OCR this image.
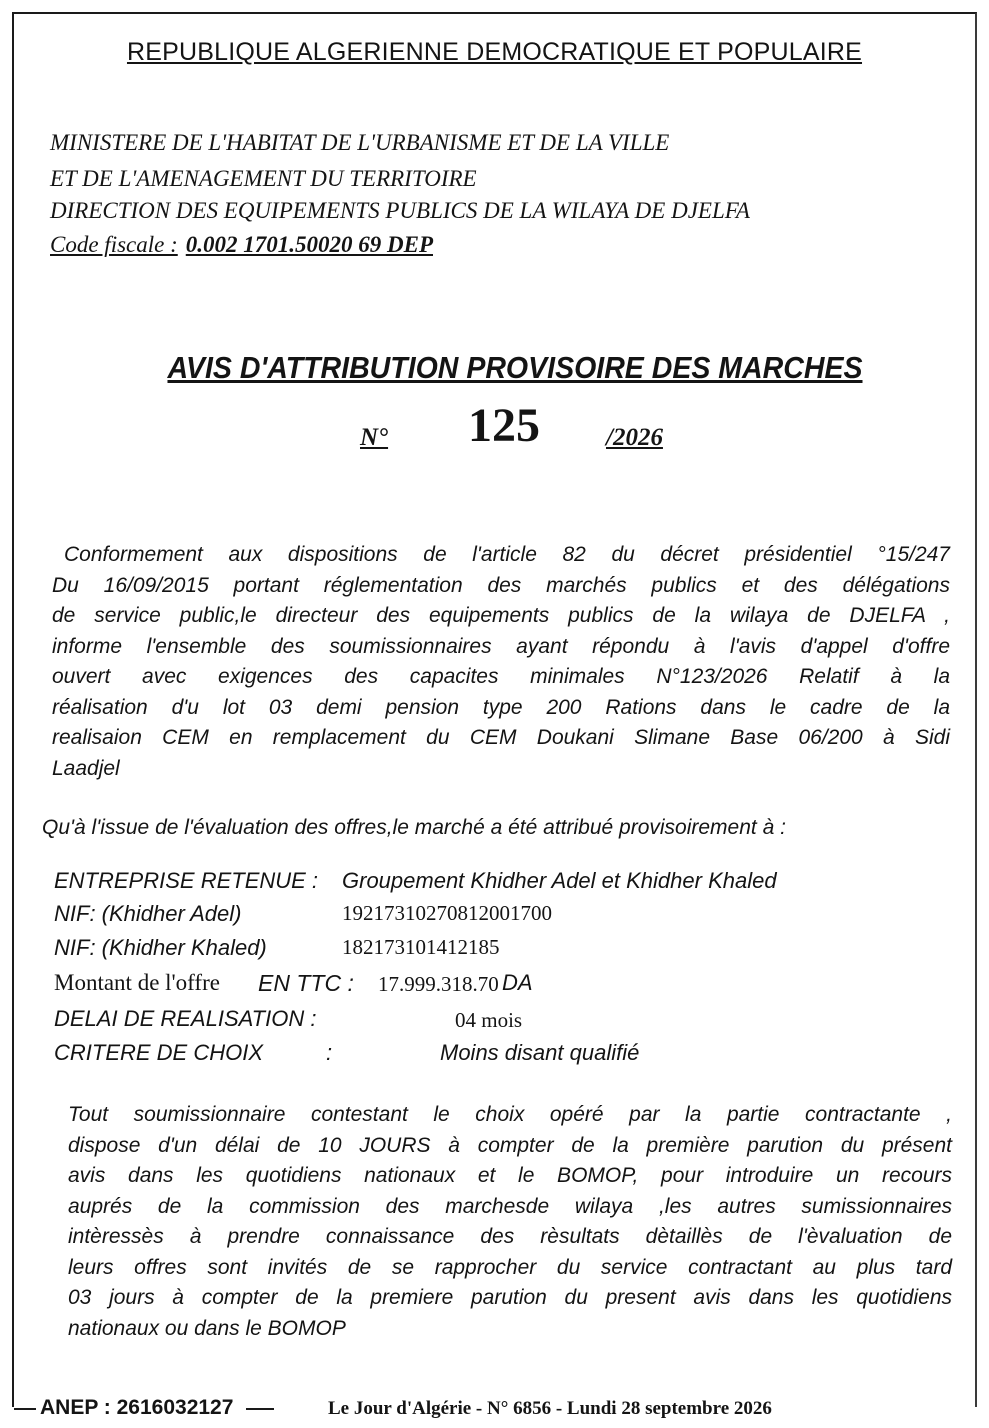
REPUBLIQUE ALGERIENNE DEMOCRATIQUE ET POPULAIRE
MINISTERE DE L'HABITAT DE L'URBANISME ET DE LA VILLE
ET DE L'AMENAGEMENT DU TERRITOIRE
DIRECTION DES EQUIPEMENTS PUBLICS DE LA WILAYA DE DJELFA
Code fiscale : 0.002 1701.50020 69 DEP
AVIS D'ATTRIBUTION PROVISOIRE DES MARCHES
N° 125	/2026
Conformement aux dispositions de l'article 82 du décret présidentiel °15/247
Du 16/09/2015 portant réglementation des marchés publics et des délégations
de service public,le directeur des equipements publics de la wilaya de DJELFA ,
informe l'ensemble des soumissionnaires ayant répondu à l'avis d'appel d'offre
ouvert avec exigences des capacites minimales N°123/2026 Relatif à la
réalisation d'u lot 03 demi pension type 200 Rations dans le cadre de la
realisaion CEM en remplacement du CEM Doukani Slimane Base 06/200 à Sidi
Laadjel
Qu'à l'issue de l'évaluation des offres,le marché a été attribué provisoirement à :
ENTREPRISE RETENUE : Groupement Khidher Adel et Khidher Khaled
NIF: (Khidher Adel)	192173102708120017​00
NIF: (Khidher Khaled)	182173101412185
Montant de l'offre EN TTC : 17.999.318.70 DA
DELAI DE REALISATION :	04 mois
CRITERE DE CHOIX	:	Moins disant qualifié
Tout soumissionnaire contestant le choix opéré par la partie contractante ,
dispose d'un délai de 10 JOURS à compter de la première parution du présent
avis dans les quotidiens nationaux et le BOMOP, pour introduire un recours
auprés de la commission des marchesde wilaya ,les autres sumissionnaires
intèressès à prendre connaissance des rèsultats dètaillès de l'èvaluation de
leurs offres sont invités de se rapprocher du service contractant au plus tard
03 jours à compter de la premiere parution du present avis dans les quotidiens
nationaux ou dans le BOMOP
ANEP : 2616032127	Le Jour d'Algérie - N° 6856 - Lundi 28 septembre 2026
